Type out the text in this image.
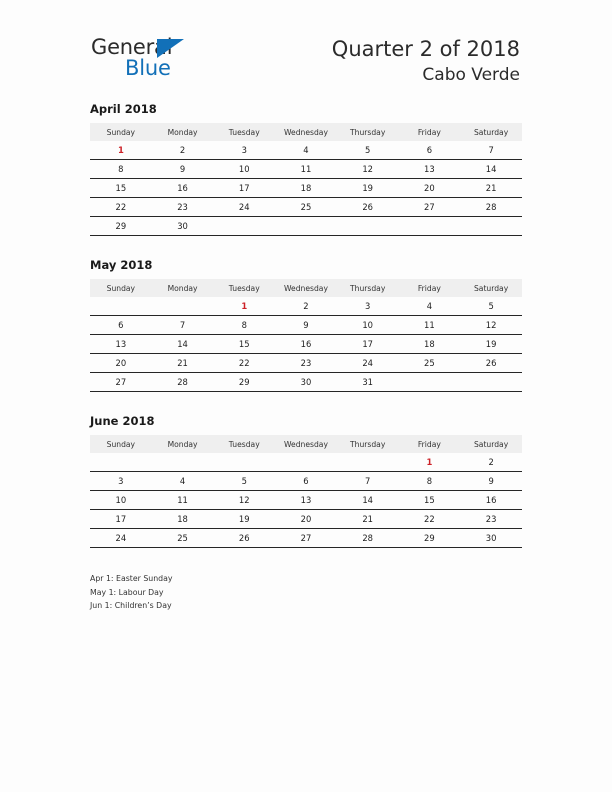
General
Blue
Quarter 2 of 2018
Cabo Verde
April 2018
Sunday	Monday	Tuesday	Wednesday	Thursday	Friday	Saturday
1	2	3	4	5	6	7
8	9	10	11	12	13	14
15	16	17	18	19	20	21
22	23	24	25	26	27	28
29	30					
May 2018
Sunday	Monday	Tuesday	Wednesday	Thursday	Friday	Saturday
		1	2	3	4	5
6	7	8	9	10	11	12
13	14	15	16	17	18	19
20	21	22	23	24	25	26
27	28	29	30	31		
June 2018
Sunday	Monday	Tuesday	Wednesday	Thursday	Friday	Saturday
					1	2
3	4	5	6	7	8	9
10	11	12	13	14	15	16
17	18	19	20	21	22	23
24	25	26	27	28	29	30
Apr 1: Easter Sunday
May 1: Labour Day
Jun 1: Children’s Day
